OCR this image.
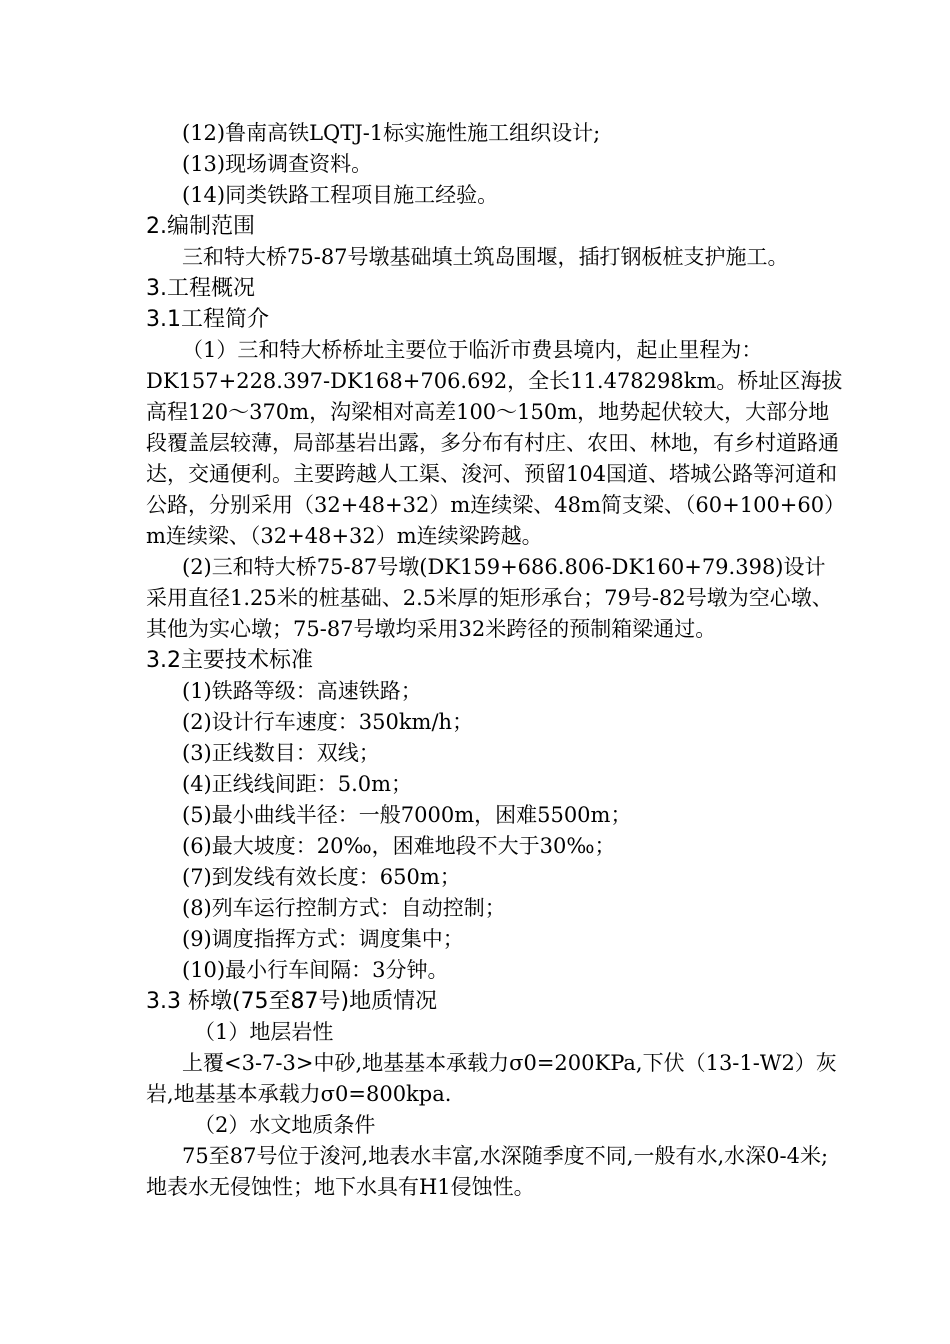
(12)鲁南高铁LQTJ-1标实施性施工组织设计;

(13)现场调查资料。

(14)同类铁路工程项目施工经验。

2.编制范围

三和特大桥75-87号墩基础填土筑岛围堰，插打钢板桩支护施工。

3.工程概况

3.1工程简介

（1）三和特大桥桥址主要位于临沂市费县境内，起止里程为：DK157+228.397-DK168+706.692，全长11.478298km。桥址区海拔高程120～370m，沟梁相对高差100～150m，地势起伏较大，大部分地段覆盖层较薄，局部基岩出露，多分布有村庄、农田、林地，有乡村道路通达，交通便利。主要跨越人工渠、浚河、预留104国道、塔城公路等河道和公路，分别采用（32+48+32）m连续梁、48m简支梁、（60+100+60）m连续梁、（32+48+32）m连续梁跨越。

(2)三和特大桥75-87号墩(DK159+686.806-DK160+79.398)设计采用直径1.25米的桩基础、2.5米厚的矩形承台；79号-82号墩为空心墩、其他为实心墩；75-87号墩均采用32米跨径的预制箱梁通过。

3.2主要技术标准

(1)铁路等级：高速铁路；

(2)设计行车速度：350km/h；

(3)正线数目：双线；

(4)正线线间距：5.0m；

(5)最小曲线半径：一般7000m，困难5500m；

(6)最大坡度：20‰，困难地段不大于30‰；

(7)到发线有效长度：650m；

(8)列车运行控制方式：自动控制；

(9)调度指挥方式：调度集中；

(10)最小行车间隔：3分钟。

3.3 桥墩(75至87号)地质情况

（1）地层岩性

上覆<3-7-3>中砂,地基基本承载力σ0=200KPa,下伏（13-1-W2）灰岩,地基基本承载力σ0=800kpa.

（2）水文地质条件

75至87号位于浚河,地表水丰富,水深随季度不同,一般有水,水深0-4米;地表水无侵蚀性；地下水具有H1侵蚀性。
